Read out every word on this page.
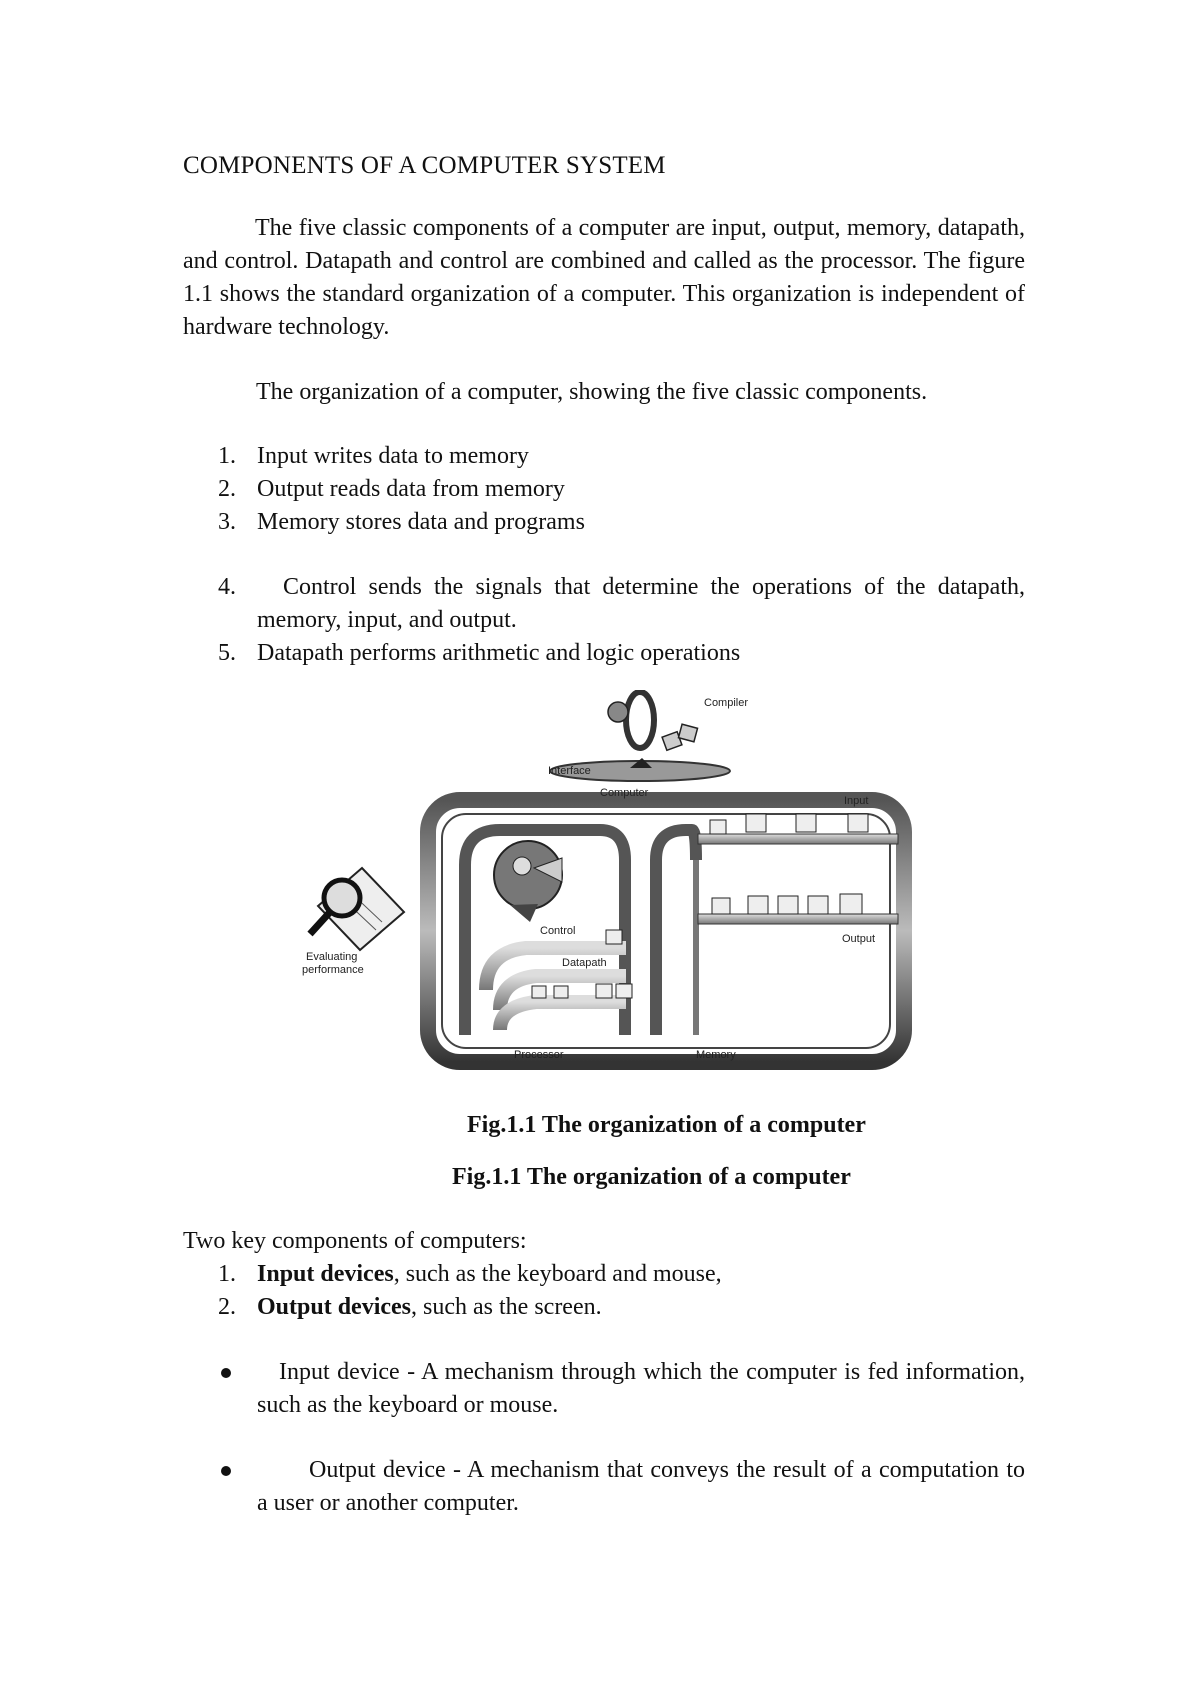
COMPONENTS OF A COMPUTER SYSTEM
The five classic components of a computer are input, output, memory, datapath, and control. Datapath and control are combined and called as the processor. The figure 1.1 shows the standard organization of a computer. This organization is independent of hardware technology.
The organization of a computer, showing the five classic components.
1. Input writes data to memory
2. Output reads data from memory
3. Memory stores data and programs
4.	Control sends the signals that determine the operations of the datapath, memory, input, and output.
5. Datapath performs arithmetic and logic operations
Compiler
Interface
Computer
Control
Datapath
Processor	Memory
Input
Output
Evaluating
performance
Fig.1.1 The organization of a computer
Fig.1.1 The organization of a computer
Two key components of computers:
1. Input devices, such as the keyboard and mouse,
2. Output devices, such as the screen.
Input device - A mechanism through which the computer is fed information, such as the keyboard or mouse.
Output device - A mechanism that conveys the result of a computation to a user or another computer.
